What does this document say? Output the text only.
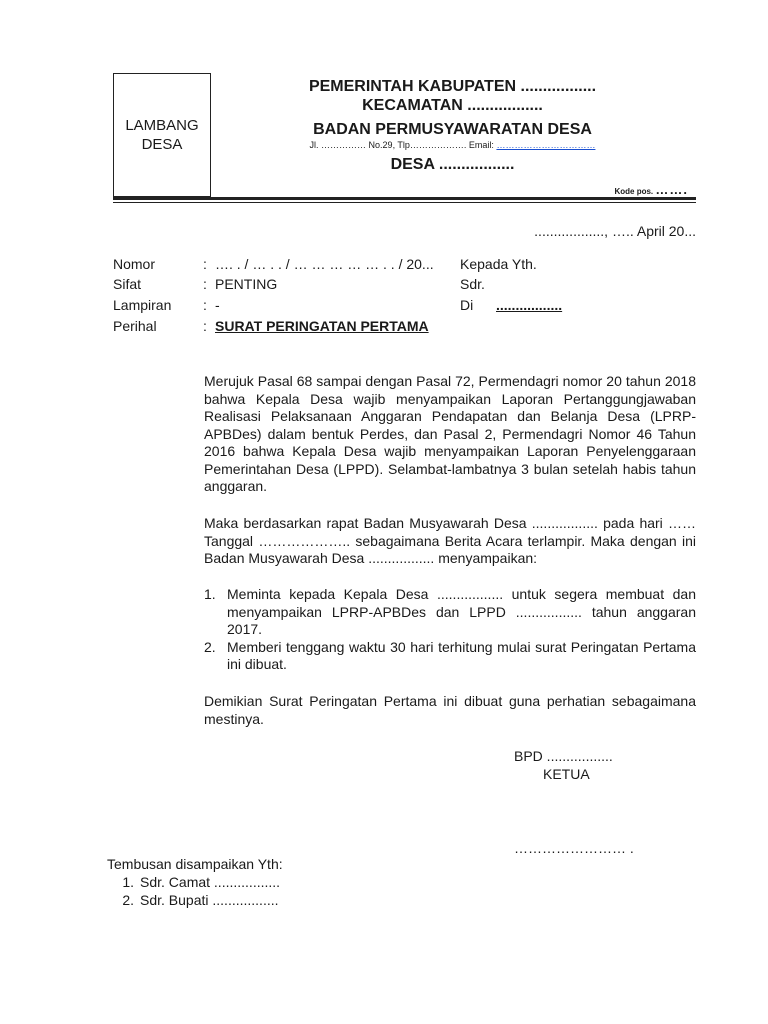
LAMBANG
DESA
PEMERINTAH KABUPATEN .................
KECAMATAN .................
BADAN PERMUSYAWARATAN DESA
Jl. …………… No.29, Tlp………………. Email: ……………………………
DESA .................
Kode pos. …….
.................., ….. April 20...
Nomor	: …. . / … . . / … … … … … . . / 20...
Sifat	: PENTING
Lampiran : -
Perihal	: SURAT PERINGATAN PERTAMA
Kepada Yth.
Sdr.
Di .................
Merujuk Pasal 68 sampai dengan Pasal 72, Permendagri nomor 20 tahun 2018 bahwa Kepala Desa wajib menyampaikan Laporan Pertanggungjawaban Realisasi Pelaksanaan Anggaran Pendapatan dan Belanja Desa (LPRP-APBDes) dalam bentuk Perdes, dan Pasal 2, Permendagri Nomor 46 Tahun 2016 bahwa Kepala Desa wajib menyampaikan Laporan Penyelenggaraan Pemerintahan Desa (LPPD). Selambat-lambatnya 3 bulan setelah habis tahun anggaran.
Maka berdasarkan rapat Badan Musyawarah Desa ................. pada hari …… Tanggal ……………….. sebagaimana Berita Acara terlampir. Maka dengan ini Badan Musyawarah Desa ................. menyampaikan:
1. Meminta kepada Kepala Desa ................. untuk segera membuat dan menyampaikan LPRP-APBDes dan LPPD ................. tahun anggaran 2017.
2. Memberi tenggang waktu 30 hari terhitung mulai surat Peringatan Pertama ini dibuat.
Demikian Surat Peringatan Pertama ini dibuat guna perhatian sebagaimana mestinya.
BPD .................
KETUA
…………………… .
Tembusan disampaikan Yth:
1. Sdr. Camat .................
2. Sdr. Bupati .................
